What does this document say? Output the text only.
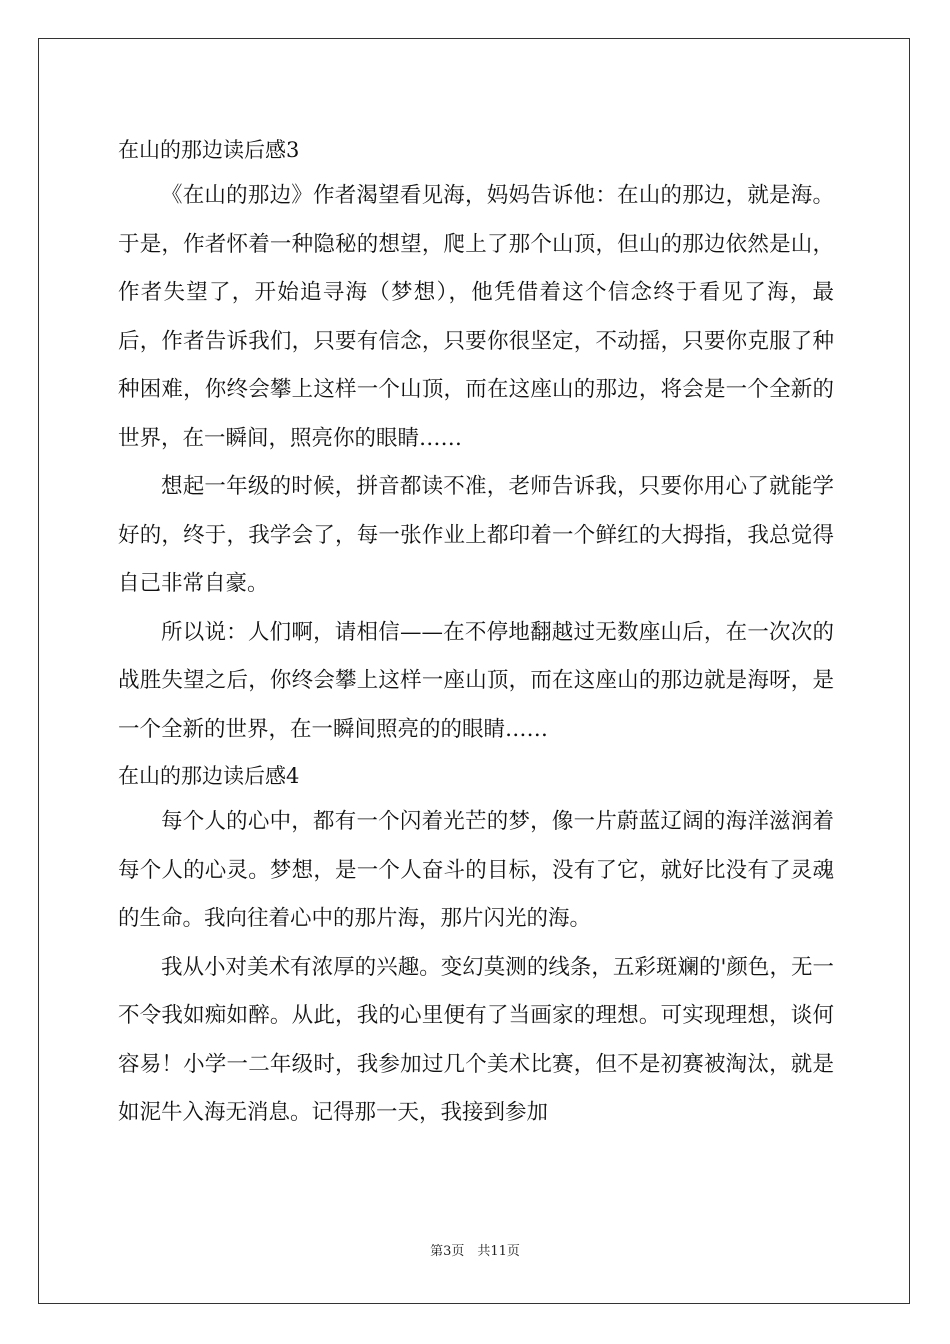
在山的那边读后感3

《在山的那边》作者渴望看见海，妈妈告诉他：在山的那边，就是海。于是，作者怀着一种隐秘的想望，爬上了那个山顶，但山的那边依然是山，作者失望了，开始追寻海（梦想），他凭借着这个信念终于看见了海，最后，作者告诉我们，只要有信念，只要你很坚定，不动摇，只要你克服了种种困难，你终会攀上这样一个山顶，而在这座山的那边，将会是一个全新的世界，在一瞬间，照亮你的眼睛……

想起一年级的时候，拼音都读不准，老师告诉我，只要你用心了就能学好的，终于，我学会了，每一张作业上都印着一个鲜红的大拇指，我总觉得自己非常自豪。

所以说：人们啊，请相信——在不停地翻越过无数座山后，在一次次的战胜失望之后，你终会攀上这样一座山顶，而在这座山的那边就是海呀，是一个全新的世界，在一瞬间照亮的的眼睛……

在山的那边读后感4

每个人的心中，都有一个闪着光芒的梦，像一片蔚蓝辽阔的海洋滋润着每个人的心灵。梦想，是一个人奋斗的目标，没有了它，就好比没有了灵魂的生命。我向往着心中的那片海，那片闪光的海。

我从小对美术有浓厚的兴趣。变幻莫测的线条，五彩斑斓的'颜色，无一不令我如痴如醉。从此，我的心里便有了当画家的理想。可实现理想，谈何容易！小学一二年级时，我参加过几个美术比赛，但不是初赛被淘汰，就是如泥牛入海无消息。记得那一天，我接到参加

第3页　共11页
